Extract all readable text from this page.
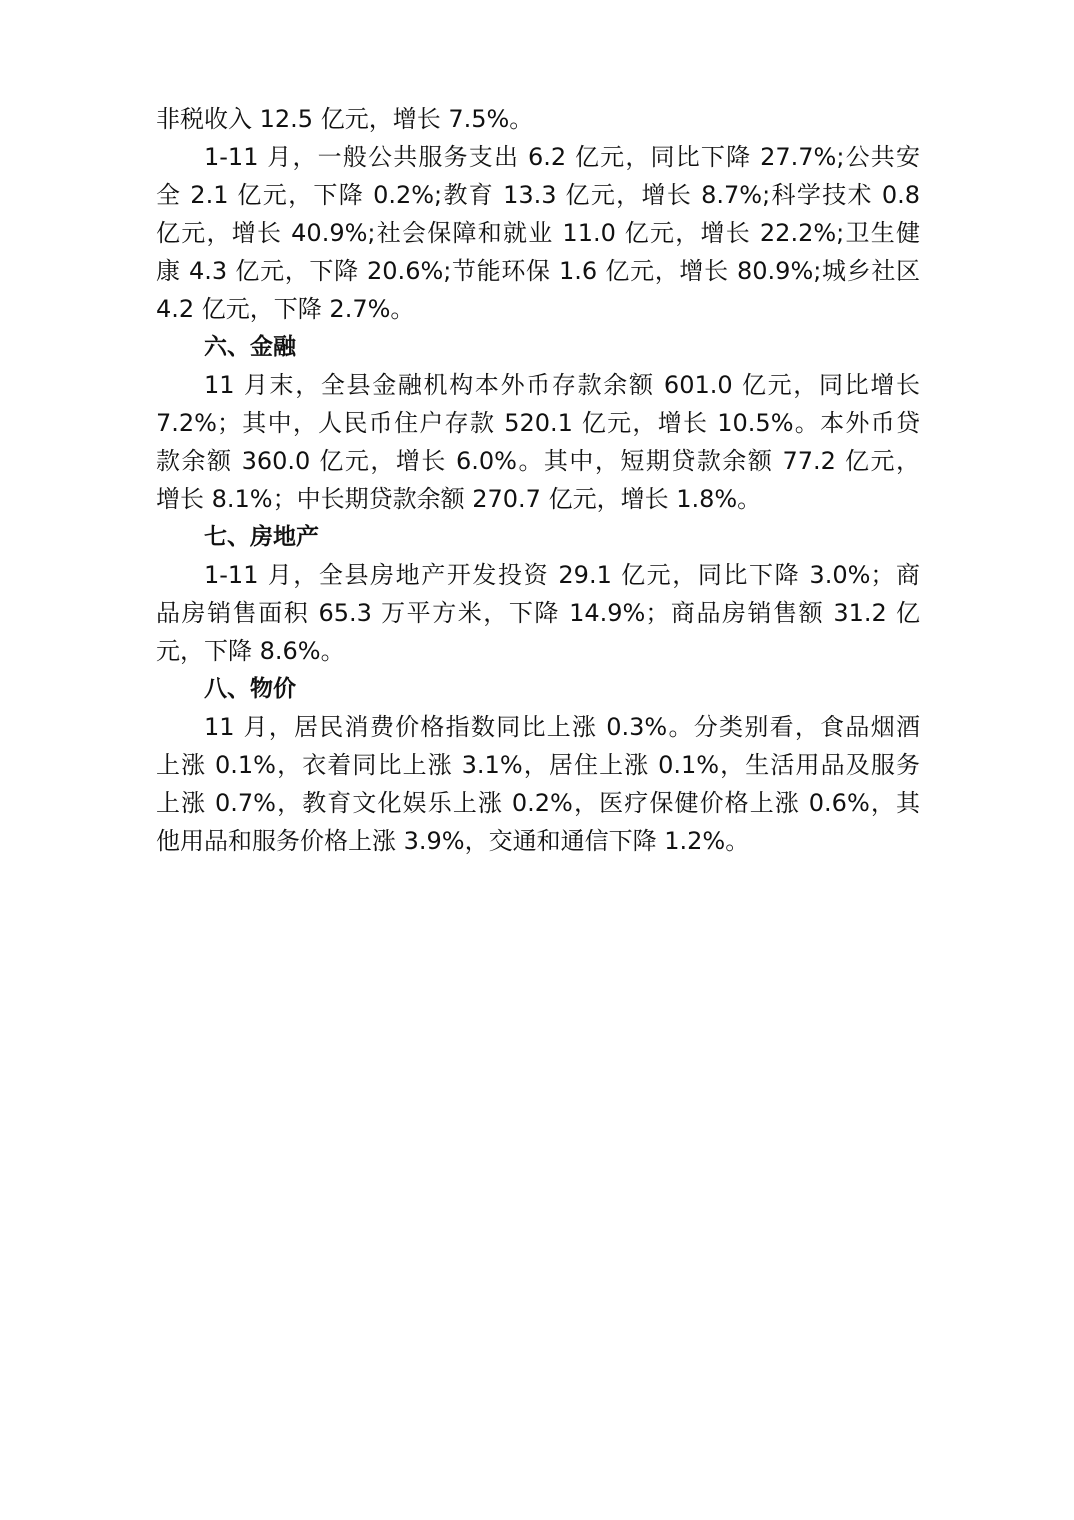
非税收入 12.5 亿元，增长 7.5%。
1-11 月，一般公共服务支出 6.2 亿元，同比下降 27.7%;公共安
全 2.1 亿元，下降 0.2%;教育 13.3 亿元，增长 8.7%;科学技术 0.8
亿元，增长 40.9%;社会保障和就业 11.0 亿元，增长 22.2%;卫生健
康 4.3 亿元，下降 20.6%;节能环保 1.6 亿元，增长 80.9%;城乡社区
4.2 亿元，下降 2.7%。
六、金融
11 月末，全县金融机构本外币存款余额 601.0 亿元，同比增长
7.2%；其中，人民币住户存款 520.1 亿元，增长 10.5%。本外币贷
款余额 360.0 亿元，增长 6.0%。其中，短期贷款余额 77.2 亿元，
增长 8.1%；中长期贷款余额 270.7 亿元，增长 1.8%。
七、房地产
1-11 月，全县房地产开发投资 29.1 亿元，同比下降 3.0%；商
品房销售面积 65.3 万平方米，下降 14.9%；商品房销售额 31.2 亿
元，下降 8.6%。
八、物价
11 月，居民消费价格指数同比上涨 0.3%。分类别看，食品烟酒
上涨 0.1%，衣着同比上涨 3.1%，居住上涨 0.1%，生活用品及服务
上涨 0.7%，教育文化娱乐上涨 0.2%，医疗保健价格上涨 0.6%，其
他用品和服务价格上涨 3.9%，交通和通信下降 1.2%。
